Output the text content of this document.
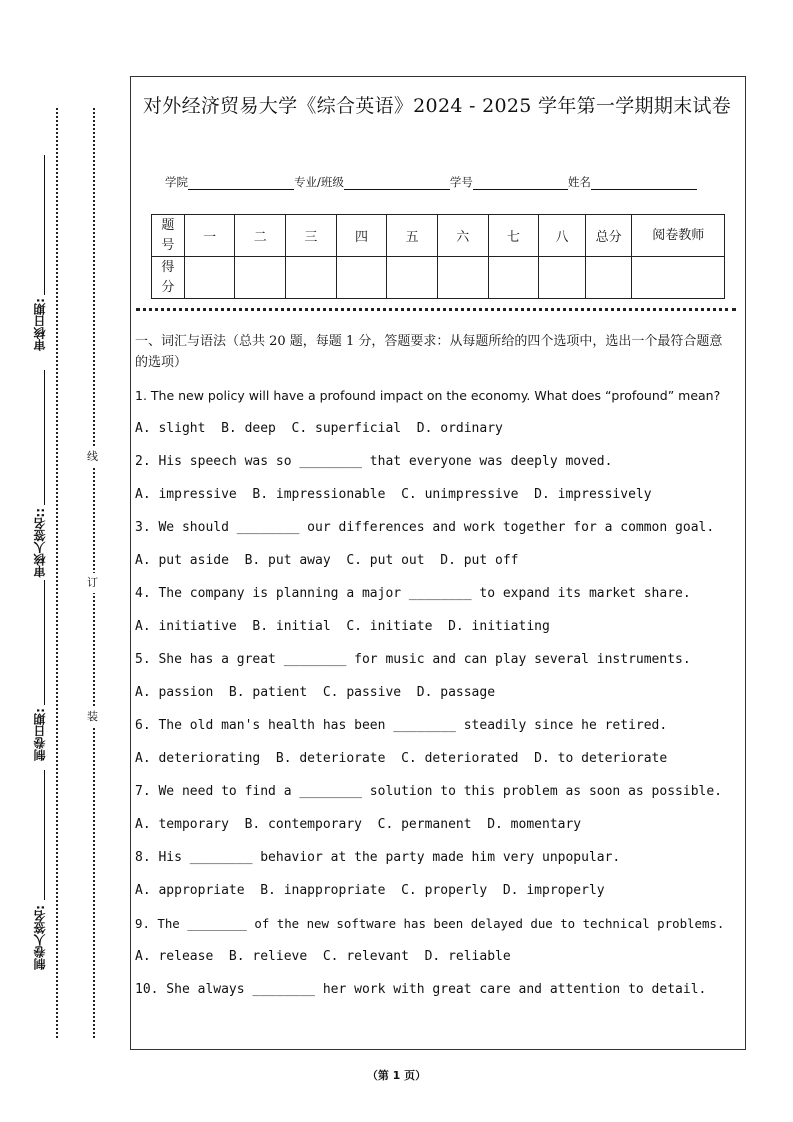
审核日期:
审核人签名::
制卷日期:
制卷人签名:
线
订
装
对外经济贸易大学《综合英语》2024 - 2025 学年第一学期期末试卷
学院	专业/班级	学号	姓名
题号	一	二	三	四	五	六	七	八	总分	阅卷教师
得分										
一、词汇与语法（总共 20 题，每题 1 分，答题要求：从每题所给的四个选项中，选出一个最符合题意的选项）
1. The new policy will have a profound impact on the economy. What does “profound” mean?
A. slight  B. deep  C. superficial  D. ordinary
2. His speech was so ________ that everyone was deeply moved.
A. impressive  B. impressionable  C. unimpressive  D. impressively
3. We should ________ our differences and work together for a common goal.
A. put aside  B. put away  C. put out  D. put off
4. The company is planning a major ________ to expand its market share.
A. initiative  B. initial  C. initiate  D. initiating
5. She has a great ________ for music and can play several instruments.
A. passion  B. patient  C. passive  D. passage
6. The old man's health has been ________ steadily since he retired.
A. deteriorating  B. deteriorate  C. deteriorated  D. to deteriorate
7. We need to find a ________ solution to this problem as soon as possible.
A. temporary  B. contemporary  C. permanent  D. momentary
8. His ________ behavior at the party made him very unpopular.
A. appropriate  B. inappropriate  C. properly  D. improperly
9. The ________ of the new software has been delayed due to technical problems.
A. release  B. relieve  C. relevant  D. reliable
10. She always ________ her work with great care and attention to detail.
（第 1 页）
